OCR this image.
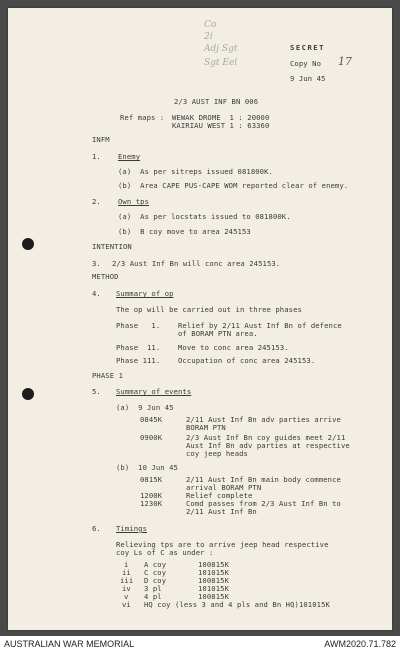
Co
2i
Adj Sgt
Sgt Eel
SECRET
Copy No 17
9 Jun 45
2/3 AUST INF BN 006
Ref maps : WEWAK DROME  1 : 20000
KAIRIAU WEST 1 : 63360
INFM
1. Enemy
(a)  As per sitreps issued 081800K.
(b)  Area CAPE PUS-CAPE WOM reported clear of enemy.
2. Own tps
(a)  As per locstats issued to 081800K.
(b)  B coy move to area 245153
INTENTION
3. 2/3 Aust Inf Bn will conc area 245153.
METHOD
4. Summary of op
The op will be carried out in three phases
Phase   1. Relief by 2/11 Aust Inf Bn of defence
of BORAM PTN area.
Phase  11. Move to conc area 245153.
Phase 111. Occupation of conc area 245153.
PHASE 1
5. Summary of events
(a)  9 Jun 45
0845K	2/11 Aust Inf Bn adv parties arrive
BORAM PTN
0900K	2/3 Aust Inf Bn coy guides meet 2/11
Aust Inf Bn adv parties at respective
coy jeep heads
(b)  10 Jun 45
0815K	2/11 Aust Inf Bn main body commence
arrival BORAM PTN
1200K	Relief complete
1230K	Comd passes from 2/3 Aust Inf Bn to
2/11 Aust Inf Bn
6. Timings
Relieving tps are to arrive jeep head respective
coy Ls of C as under :
i A coy	100815K
ii C coy	101015K
iii D coy	100815K
iv 3 pl	101015K
v 4 pl	100815K
vi HQ coy (less 3 and 4 pls and Bn HQ)101015K
AUSTRALIAN WAR MEMORIAL	AWM2020.71.782
